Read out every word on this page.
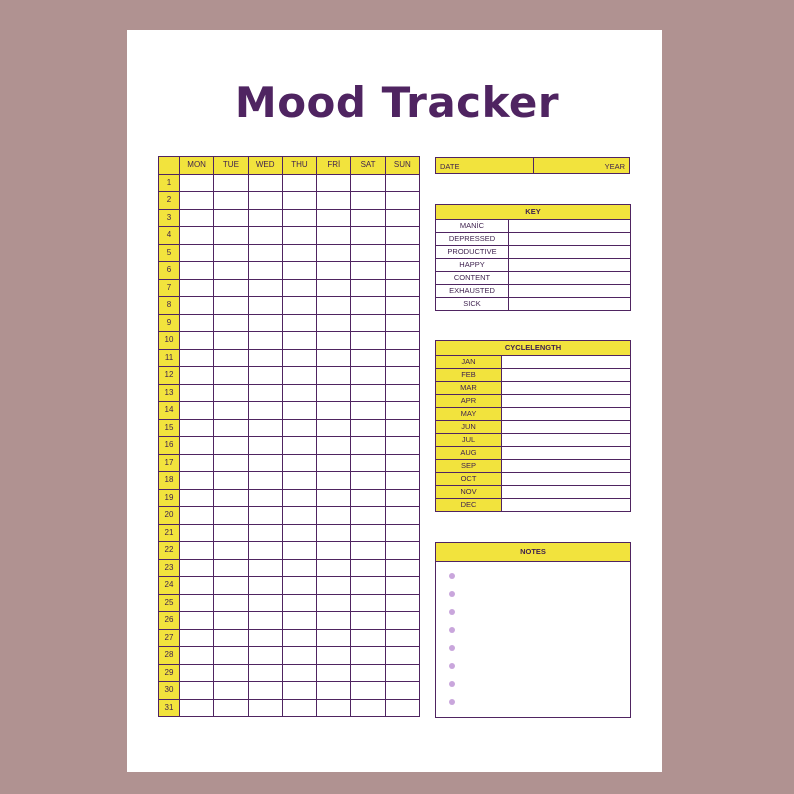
Mood Tracker
	MON	TUE	WED	THU	FRİ	SAT	SUN
1							
2							
3							
4							
5							
6							
7							
8							
9							
10							
11							
12							
13							
14							
15							
16							
17							
18							
19							
20							
21							
22							
23							
24							
25							
26							
27							
28							
29							
30							
31							
DATE	YEAR
KEY	
MANİC	
DEPRESSED	
PRODUCTIVE	
HAPPY	
CONTENT	
EXHAUSTED	
SICK	
CYCLELENGTH	
JAN	
FEB	
MAR	
APR	
MAY	
JUN	
JUL	
AUG	
SEP	
OCT	
NOV	
DEC	
NOTES
